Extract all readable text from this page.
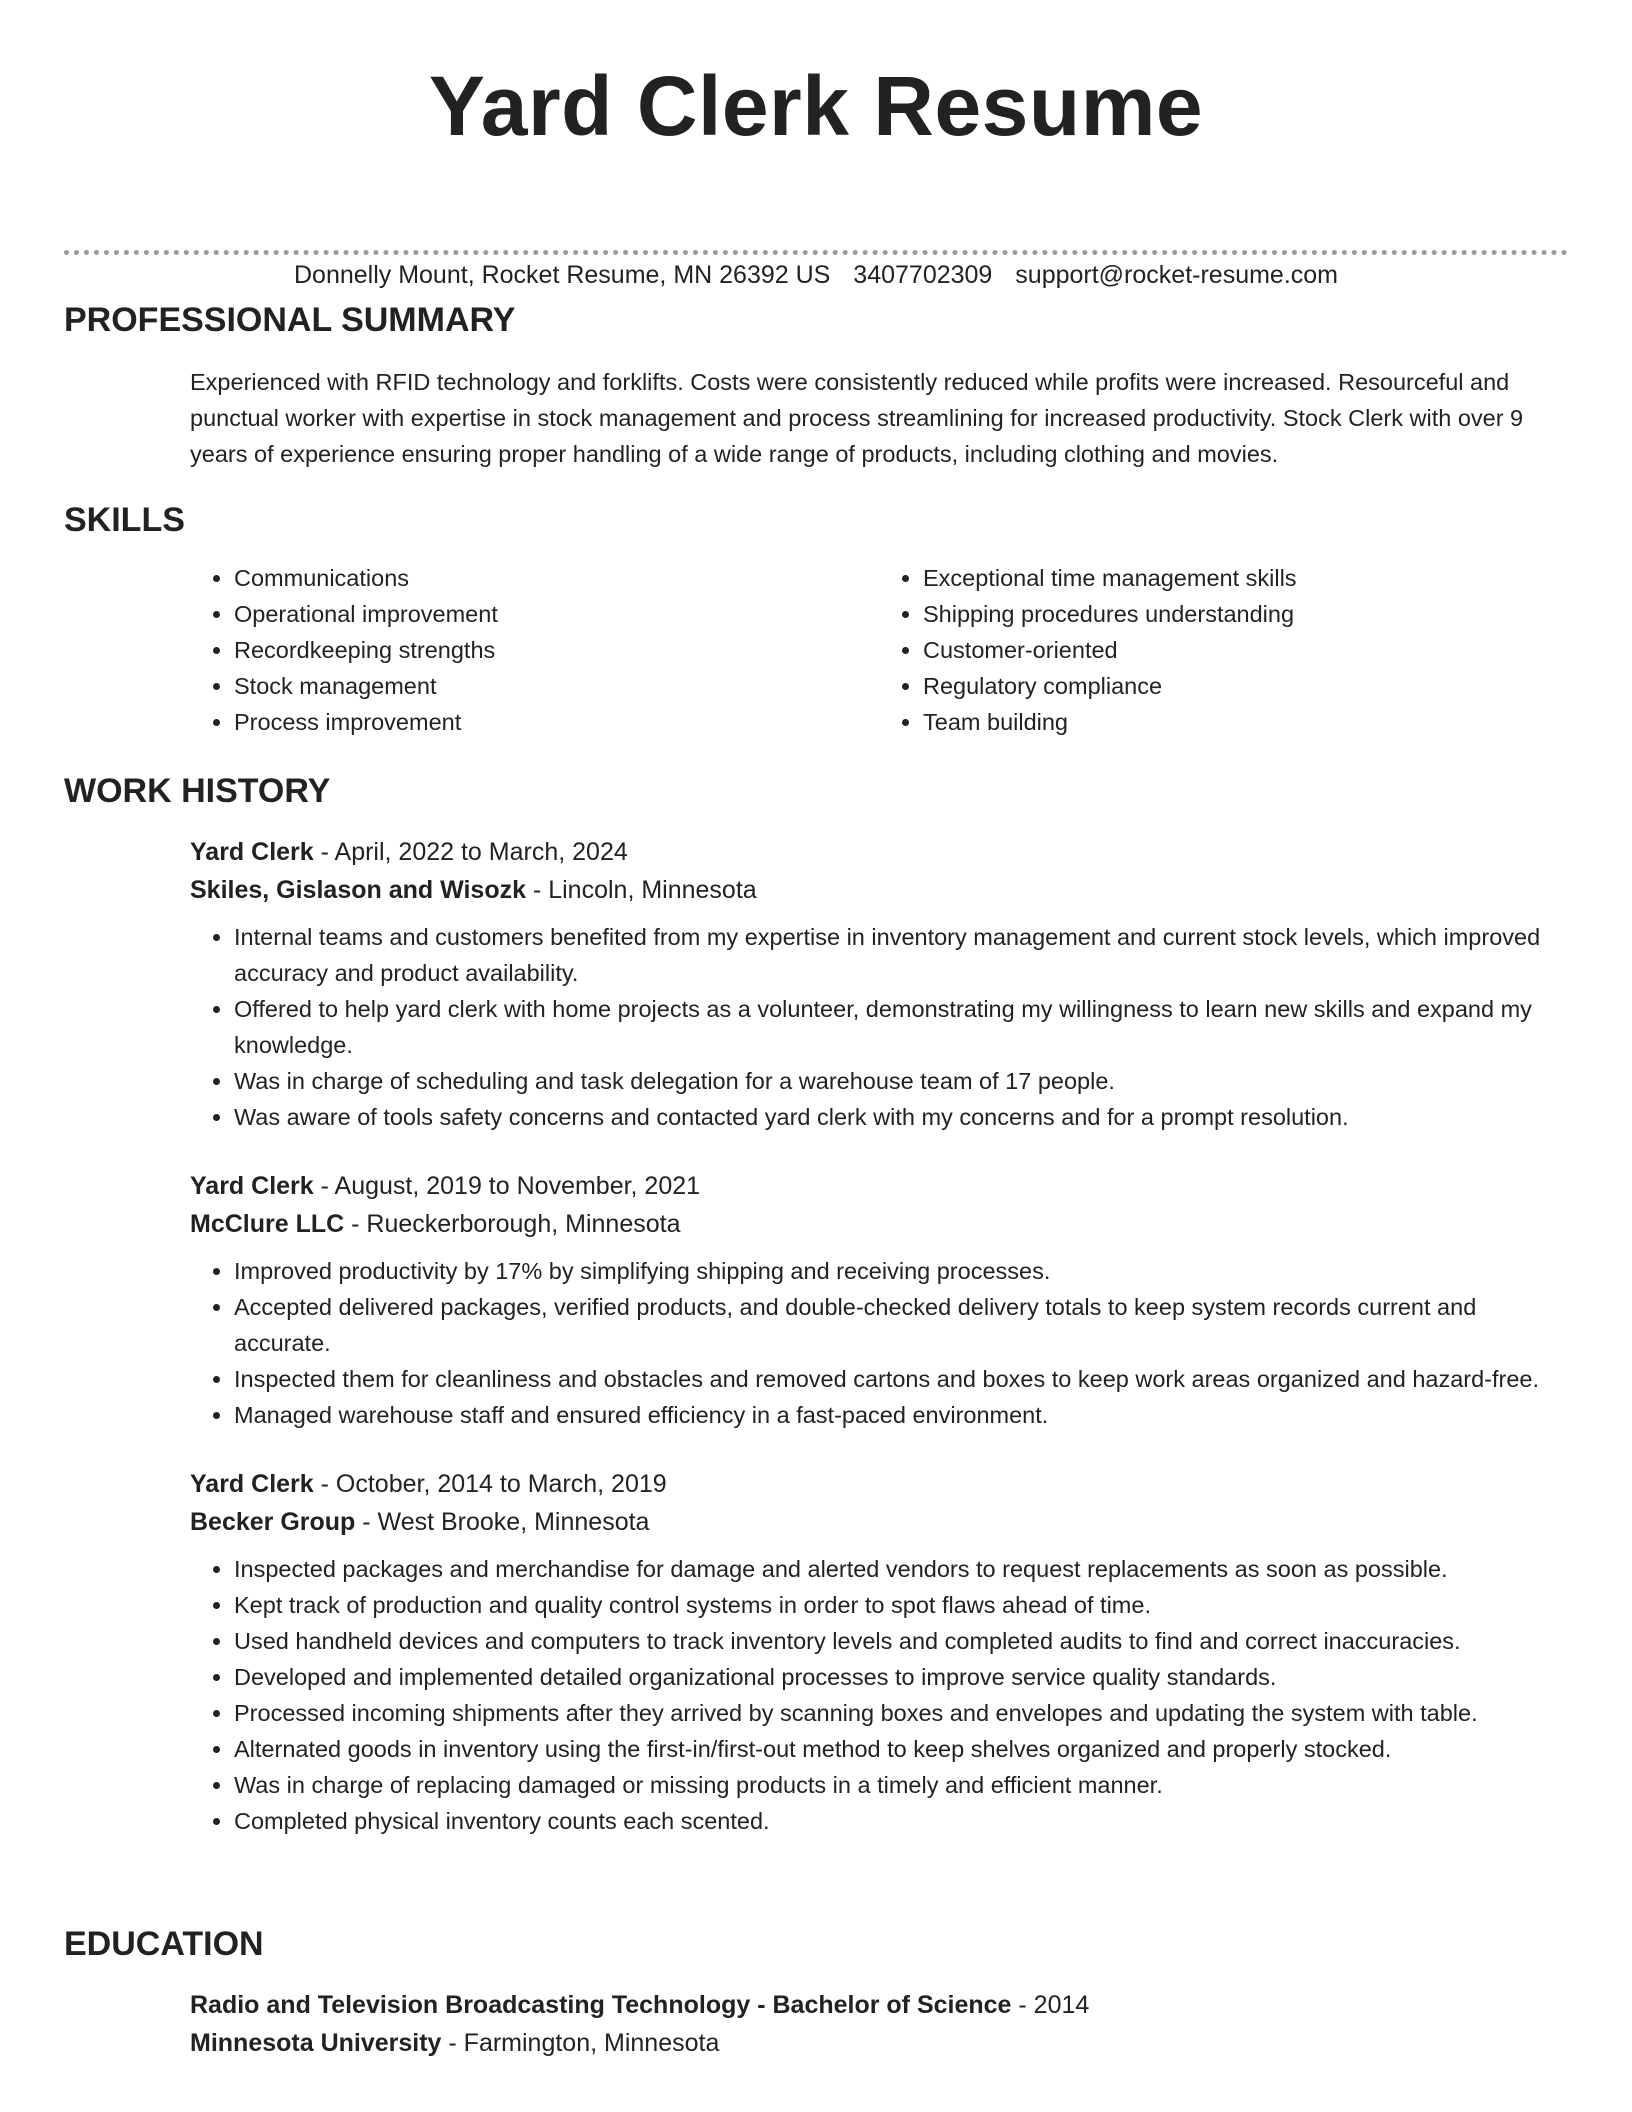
Yard Clerk Resume
Donnelly Mount, Rocket Resume, MN 26392 US 3407702309 support@rocket-resume.com
PROFESSIONAL SUMMARY
Experienced with RFID technology and forklifts. Costs were consistently reduced while profits were increased. Resourceful and punctual worker with expertise in stock management and process streamlining for increased productivity. Stock Clerk with over 9 years of experience ensuring proper handling of a wide range of products, including clothing and movies.
SKILLS
• Communications
• Operational improvement
• Recordkeeping strengths
• Stock management
• Process improvement
• Exceptional time management skills
• Shipping procedures understanding
• Customer-oriented
• Regulatory compliance
• Team building
WORK HISTORY
Yard Clerk - April, 2022 to March, 2024
Skiles, Gislason and Wisozk - Lincoln, Minnesota
• Internal teams and customers benefited from my expertise in inventory management and current stock levels, which improved accuracy and product availability.
• Offered to help yard clerk with home projects as a volunteer, demonstrating my willingness to learn new skills and expand my knowledge.
• Was in charge of scheduling and task delegation for a warehouse team of 17 people.
• Was aware of tools safety concerns and contacted yard clerk with my concerns and for a prompt resolution.
Yard Clerk - August, 2019 to November, 2021
McClure LLC - Rueckerborough, Minnesota
• Improved productivity by 17% by simplifying shipping and receiving processes.
• Accepted delivered packages, verified products, and double-checked delivery totals to keep system records current and accurate.
• Inspected them for cleanliness and obstacles and removed cartons and boxes to keep work areas organized and hazard-free.
• Managed warehouse staff and ensured efficiency in a fast-paced environment.
Yard Clerk - October, 2014 to March, 2019
Becker Group - West Brooke, Minnesota
• Inspected packages and merchandise for damage and alerted vendors to request replacements as soon as possible.
• Kept track of production and quality control systems in order to spot flaws ahead of time.
• Used handheld devices and computers to track inventory levels and completed audits to find and correct inaccuracies.
• Developed and implemented detailed organizational processes to improve service quality standards.
• Processed incoming shipments after they arrived by scanning boxes and envelopes and updating the system with table.
• Alternated goods in inventory using the first-in/first-out method to keep shelves organized and properly stocked.
• Was in charge of replacing damaged or missing products in a timely and efficient manner.
• Completed physical inventory counts each scented.
EDUCATION
Radio and Television Broadcasting Technology - Bachelor of Science - 2014
Minnesota University - Farmington, Minnesota
